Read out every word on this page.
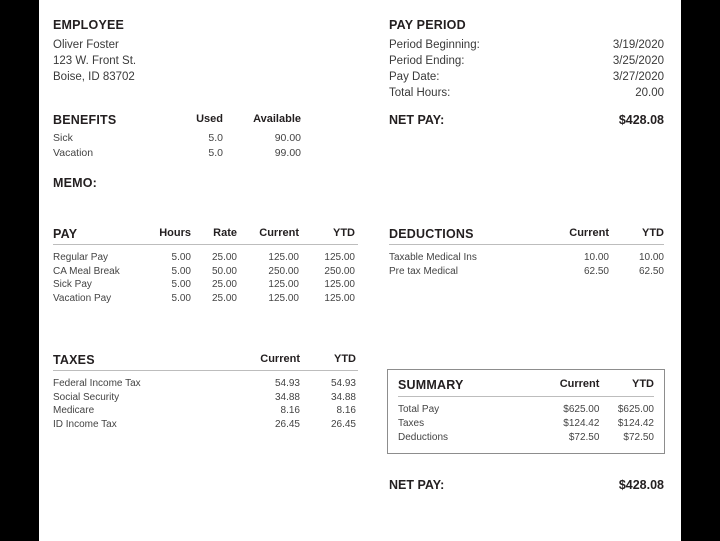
EMPLOYEE
Oliver Foster
123 W. Front St.
Boise, ID 83702
PAY PERIOD
Period Beginning:	3/19/2020
Period Ending:	3/25/2020
Pay Date:	3/27/2020
Total Hours:	20.00
NET PAY:	$428.08
BENEFITS	Used	Available
Sick	5.0	90.00
Vacation	5.0	99.00
MEMO:
PAY	Hours	Rate	Current	YTD
Regular Pay	5.00	25.00	125.00	125.00
CA Meal Break	5.00	50.00	250.00	250.00
Sick Pay	5.00	25.00	125.00	125.00
Vacation Pay	5.00	25.00	125.00	125.00
DEDUCTIONS	Current	YTD
Taxable Medical Ins	10.00	10.00
Pre tax Medical	62.50	62.50
TAXES	Current	YTD
Federal Income Tax	54.93	54.93
Social Security	34.88	34.88
Medicare	8.16	8.16
ID Income Tax	26.45	26.45
SUMMARY	Current	YTD
Total Pay	$625.00	$625.00
Taxes	$124.42	$124.42
Deductions	$72.50	$72.50
NET PAY:	$428.08
